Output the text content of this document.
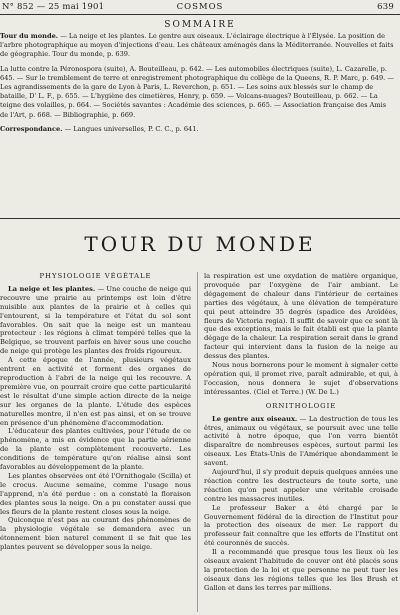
N° 852 — 25 mai 1901	COSMOS	639
SOMMAIRE

Tour du monde. — La neige et les plantes. Le gentre aux oiseaux. L'éclairage électrique à l'Élysée. La position de l'arbre photographique au moyen d'injections d'eau. Les châteaux aménagés dans la Méditerranée. Nouvelles et faits de géographie. Tour du monde, p. 639.

La lutte contre la Péronospora (suite), A. Bouteilleau, p. 642. — Les automobiles électriques (suite), L. Cazarelle, p. 645. — Sur le tremblement de terre et enregistrement photographique du collège de la Queens, R. P. Marc, p. 649. — Les agrandissements de la gare de Lyon à Paris, L. Reverchon, p. 651. — Les soins aux blessés sur le champ de bataille, D' L. F., p. 655. — L'hygiène des cimetières, Henry, p. 659. — Volcans-nuages? Bouteilleau, p. 662. — La teigne des volailles, p. 664. — Sociétés savantes : Académie des sciences, p. 665. — Association française des Amis de l'Art, p. 668. — Bibliographie, p. 669.

Correspondance. — Langues universelles, P. C. C., p. 641.

TOUR DU MONDE

PHYSIOLOGIE VÉGÉTALE

La neige et les plantes. — Une couche de neige qui recouvre une prairie au printemps est loin d'être nuisible aux plantes de la prairie et à celles qui l'entourent, si la température et l'état du sol sont favorables. On sait que la neige est un manteau protecteur : les régions à climat tempéré telles que la Belgique, se trouvent parfois en hiver sous une couche de neige qui protège les plantes des froids rigoureux.

A cette époque de l'année, plusieurs végétaux entrent en activité et forment des organes de reproduction à l'abri de la neige qui les recouvre. A première vue, on pourrait croire que cette particularité est le résultat d'une simple action directe de la neige sur les organes de la plante. L'étude des espèces naturelles montre, il n'en est pas ainsi, et on se trouve en présence d'un phénomène d'accommodation.

L'éducateur des plantes cultivées, pour l'étude de ce phénomène, a mis en évidence que la partie aérienne de la plante est complètement recouverte. Les conditions de température qu'on réalise ainsi sont favorables au développement de la plante.

Les plantes observées ont été l'Ornithogale (Scilla) et le crocus. Aucune semaine, comme l'usage nous l'apprend, n'a été perdue : on a constaté la floraison des plantes sous la neige. On a pu constater aussi que les fleurs de la plante restent closes sous la neige.

Quiconque n'est pas au courant des phénomènes de la physiologie végétale se demandera avec un étonnement bien naturel comment il se fait que les plantes peuvent se développer sous la neige.

la respiration est une oxydation de matière organique, provoquée par l'oxygène de l'air ambiant. Le dégagement de chaleur dans l'intérieur de certaines parties des végétaux, à une élévation de température qui peut atteindre 35 degrés (spadice des Aroïdées, fleurs de Victoria regia). Il suffit de savoir que ce sont là que des exceptions, mais le fait établi est que la plante dégage de la chaleur. La respiration serait dans le grand facteur qui intervient dans la fusion de la neige au dessus des plantes.

Nous nous bornerons pour le moment à signaler cette opération qui, il promet rive, paraît admirable, et qui, à l'occasion, nous donnera le sujet d'observations intéressantes. (Ciel et Terre.) (W. De L.)

ORNITHOLOGIE

Le gentre aux oiseaux. — La destruction de tous les êtres, animaux ou végétaux, se poursuit avec une telle activité à notre époque, que l'on verra bientôt disparaître de nombreuses espèces, surtout parmi les oiseaux. Les États-Unis de l'Amérique abondamment le savent.

Aujourd'hui, il s'y produit depuis quelques années une réaction contre les destructeurs de toute sorte, une réaction qu'on peut appeler une véritable croisade contre les massacres inutiles.

Le professeur Baker a été chargé par le Gouvernement fédéral de la direction de l'Institut pour la protection des oiseaux de mer. Le rapport du professeur fait connaître que les efforts de l'Institut ont été couronnés de succès.

Il a recommandé que presque tous les lieux où les oiseaux avaient l'habitude de couver ont été placés sous la protection de la loi et que personne ne peut tuer les oiseaux dans les régions telles que les îles Brush et Gallon et dans les terres par millions.
